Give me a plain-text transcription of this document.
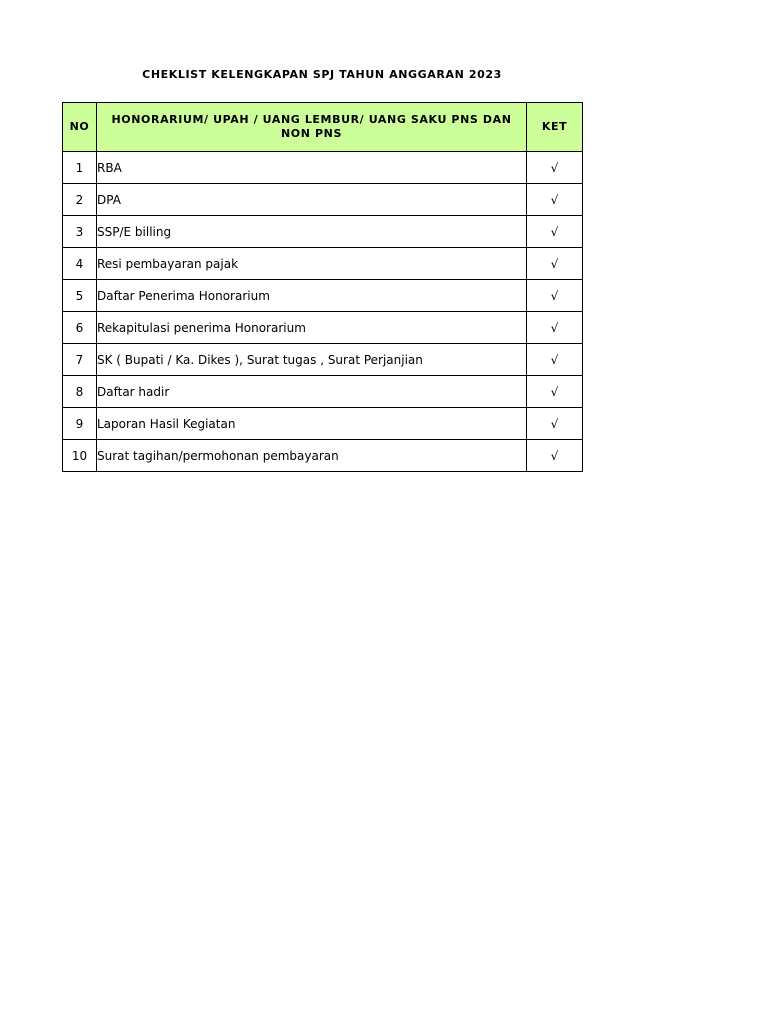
CHEKLIST KELENGKAPAN SPJ TAHUN ANGGARAN 2023
NO	HONORARIUM/ UPAH / UANG LEMBUR/ UANG SAKU PNS DAN NON PNS	KET
1	RBA	√
2	DPA	√
3	SSP/E billing	√
4	Resi pembayaran pajak	√
5	Daftar Penerima Honorarium	√
6	Rekapitulasi penerima Honorarium	√
7	SK ( Bupati / Ka. Dikes ), Surat tugas , Surat Perjanjian	√
8	Daftar hadir	√
9	Laporan Hasil Kegiatan	√
10	Surat tagihan/permohonan pembayaran	√
